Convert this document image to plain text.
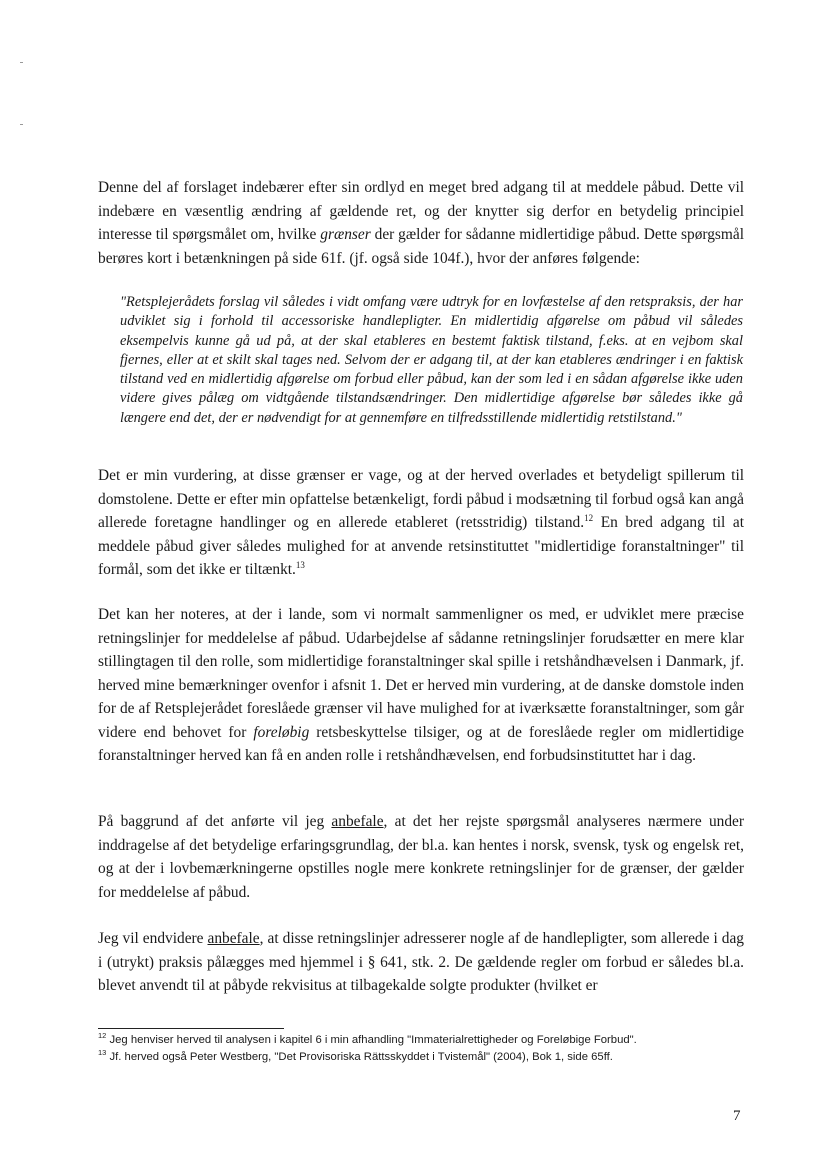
Denne del af forslaget indebærer efter sin ordlyd en meget bred adgang til at meddele påbud. Dette vil indebære en væsentlig ændring af gældende ret, og der knytter sig derfor en betydelig principiel interesse til spørgsmålet om, hvilke grænser der gælder for sådanne midlertidige påbud. Dette spørgsmål berøres kort i betænkningen på side 61f. (jf. også side 104f.), hvor der anføres følgende:

"Retsplejerådets forslag vil således i vidt omfang være udtryk for en lovfæstelse af den retspraksis, der har udviklet sig i forhold til accessoriske handlepligter. En midlertidig afgørelse om påbud vil således eksempelvis kunne gå ud på, at der skal etableres en bestemt faktisk tilstand, f.eks. at en vejbom skal fjernes, eller at et skilt skal tages ned. Selvom der er adgang til, at der kan etableres ændringer i en faktisk tilstand ved en midlertidig afgørelse om forbud eller påbud, kan der som led i en sådan afgørelse ikke uden videre gives pålæg om vidtgående tilstandsændringer. Den midlertidige afgørelse bør således ikke gå længere end det, der er nødvendigt for at gennemføre en tilfredsstillende midlertidig retstilstand."

Det er min vurdering, at disse grænser er vage, og at der herved overlades et betydeligt spillerum til domstolene. Dette er efter min opfattelse betænkeligt, fordi påbud i modsætning til forbud også kan angå allerede foretagne handlinger og en allerede etableret (retsstridig) tilstand.$^{12}$ En bred adgang til at meddele påbud giver således mulighed for at anvende retsinstituttet "midlertidige foranstaltninger" til formål, som det ikke er tiltænkt.$^{13}$

Det kan her noteres, at der i lande, som vi normalt sammenligner os med, er udviklet mere præcise retningslinjer for meddelelse af påbud. Udarbejdelse af sådanne retningslinjer forudsætter en mere klar stillingtagen til den rolle, som midlertidige foranstaltninger skal spille i retshåndhævelsen i Danmark, jf. herved mine bemærkninger ovenfor i afsnit 1. Det er herved min vurdering, at de danske domstole inden for de af Retsplejerådet foreslåede grænser vil have mulighed for at iværksætte foranstaltninger, som går videre end behovet for foreløbig retsbeskyttelse tilsiger, og at de foreslåede regler om midlertidige foranstaltninger herved kan få en anden rolle i retshåndhævelsen, end forbudsinstituttet har i dag.

På baggrund af det anførte vil jeg anbefale, at det her rejste spørgsmål analyseres nærmere under inddragelse af det betydelige erfaringsgrundlag, der bl.a. kan hentes i norsk, svensk, tysk og engelsk ret, og at der i lovbemærkningerne opstilles nogle mere konkrete retningslinjer for de grænser, der gælder for meddelelse af påbud.

Jeg vil endvidere anbefale, at disse retningslinjer adresserer nogle af de handlepligter, som allerede i dag i (utrykt) praksis pålægges med hjemmel i § 641, stk. 2. De gældende regler om forbud er således bl.a. blevet anvendt til at påbyde rekvisitus at tilbagekalde solgte produkter (hvilket er

$^{12}$ Jeg henviser herved til analysen i kapitel 6 i min afhandling "Immaterialrettigheder og Foreløbige Forbud".

$^{13}$ Jf. herved også Peter Westberg, "Det Provisoriska Rättsskyddet i Tvistemål" (2004), Bok 1, side 65ff.

7
